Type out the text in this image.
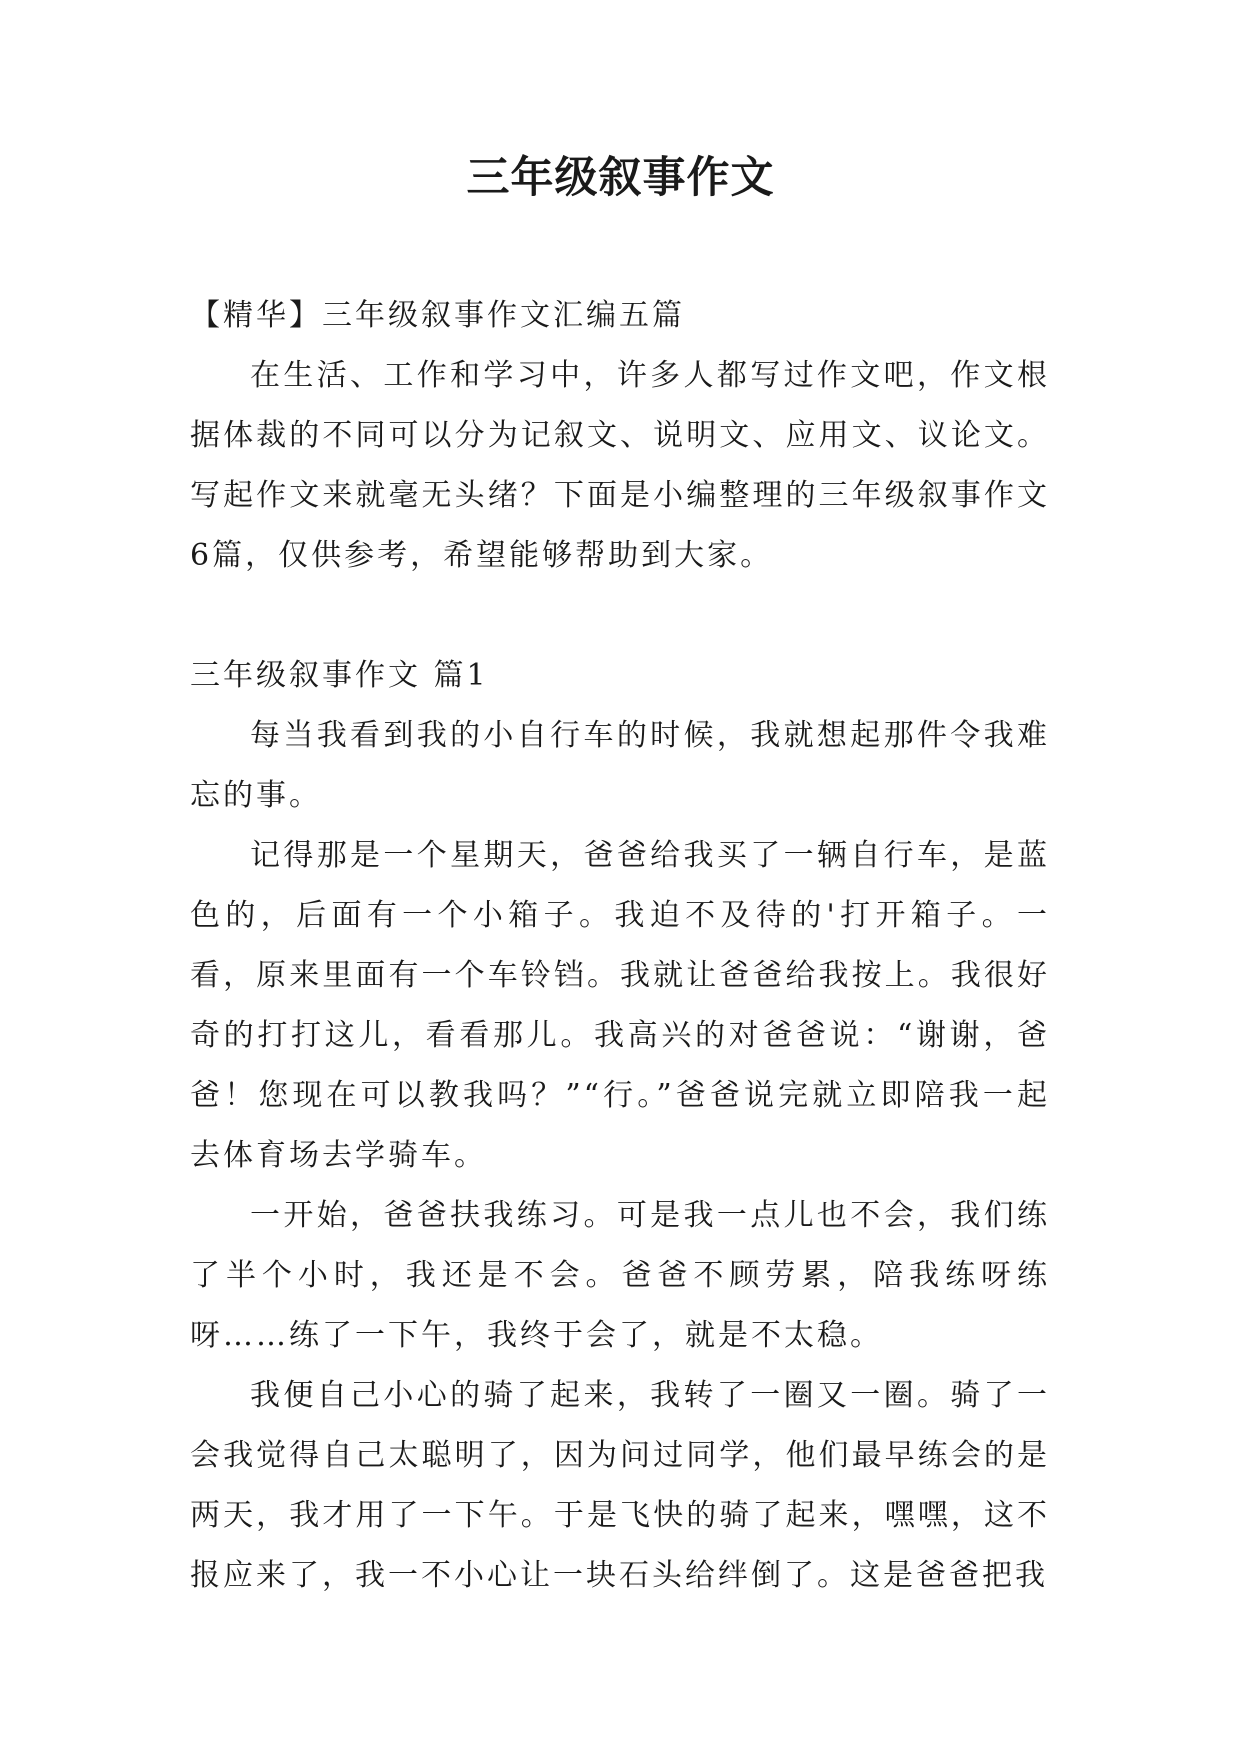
三年级叙事作文

【精华】三年级叙事作文汇编五篇

在生活、工作和学习中，许多人都写过作文吧，作文根据体裁的不同可以分为记叙文、说明文、应用文、议论文。写起作文来就毫无头绪？下面是小编整理的三年级叙事作文6篇，仅供参考，希望能够帮助到大家。

三年级叙事作文 篇1

每当我看到我的小自行车的时候，我就想起那件令我难忘的事。

记得那是一个星期天，爸爸给我买了一辆自行车，是蓝色的，后面有一个小箱子。我迫不及待的'打开箱子。一看，原来里面有一个车铃铛。我就让爸爸给我按上。我很好奇的打打这儿，看看那儿。我高兴的对爸爸说：“谢谢，爸爸！您现在可以教我吗？”“行。”爸爸说完就立即陪我一起去体育场去学骑车。

一开始，爸爸扶我练习。可是我一点儿也不会，我们练了半个小时，我还是不会。爸爸不顾劳累，陪我练呀练呀……练了一下午，我终于会了，就是不太稳。

我便自己小心的骑了起来，我转了一圈又一圈。骑了一会我觉得自己太聪明了，因为问过同学，他们最早练会的是两天，我才用了一下午。于是飞快的骑了起来，嘿嘿，这不报应来了，我一不小心让一块石头给绊倒了。这是爸爸把我
